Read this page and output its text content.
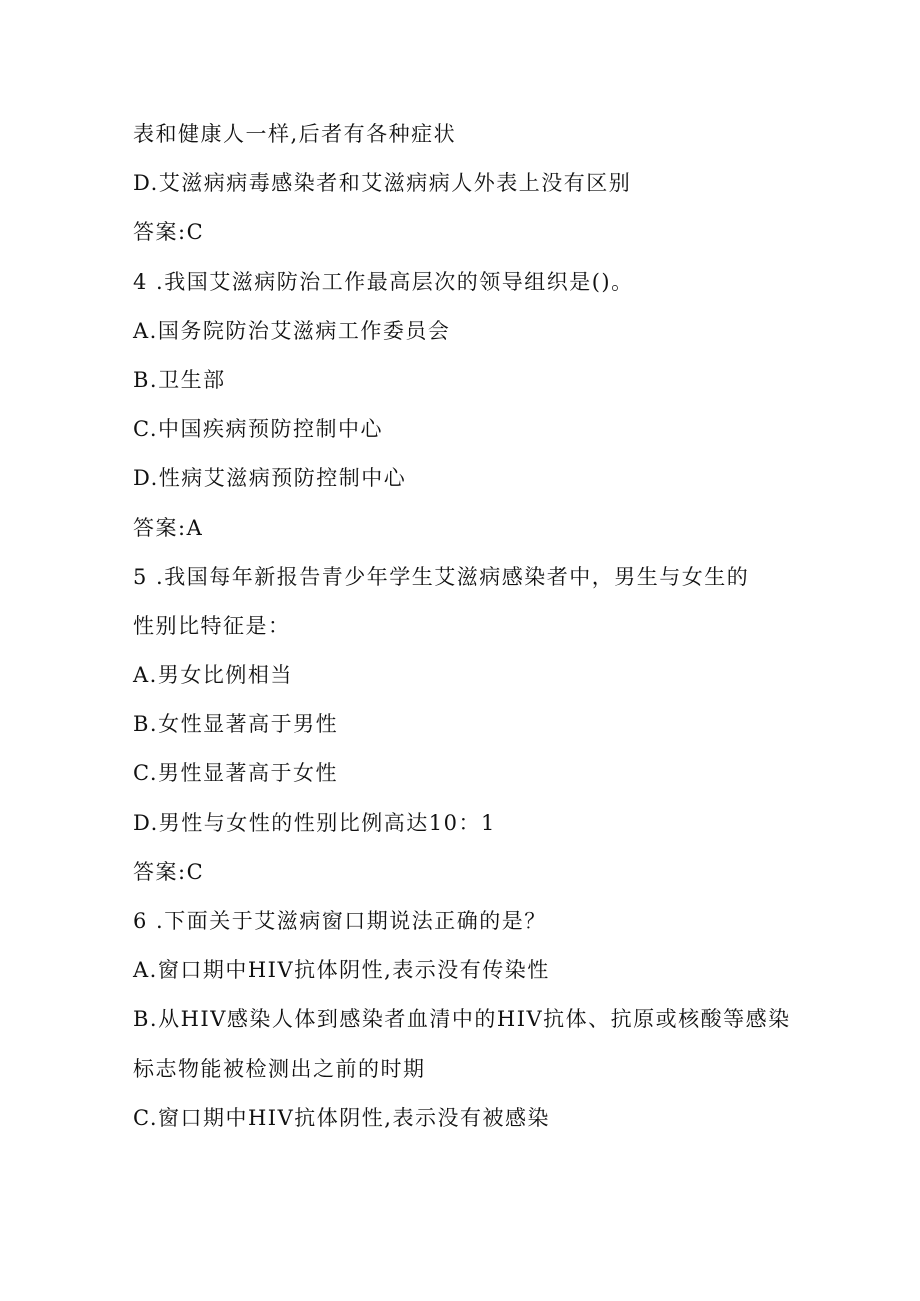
表和健康人一样,后者有各种症状
D.艾滋病病毒感染者和艾滋病病人外表上没有区别
答案:C
4 .我国艾滋病防治工作最高层次的领导组织是()。
A.国务院防治艾滋病工作委员会
B.卫生部
C.中国疾病预防控制中心
D.性病艾滋病预防控制中心
答案:A
5 .我国每年新报告青少年学生艾滋病感染者中，男生与女生的
性别比特征是：
A.男女比例相当
B.女性显著高于男性
C.男性显著高于女性
D.男性与女性的性别比例高达10：1
答案:C
6 .下面关于艾滋病窗口期说法正确的是？
A.窗口期中HIV抗体阴性,表示没有传染性
B.从HIV感染人体到感染者血清中的HIV抗体、抗原或核酸等感染
标志物能被检测出之前的时期
C.窗口期中HIV抗体阴性,表示没有被感染
